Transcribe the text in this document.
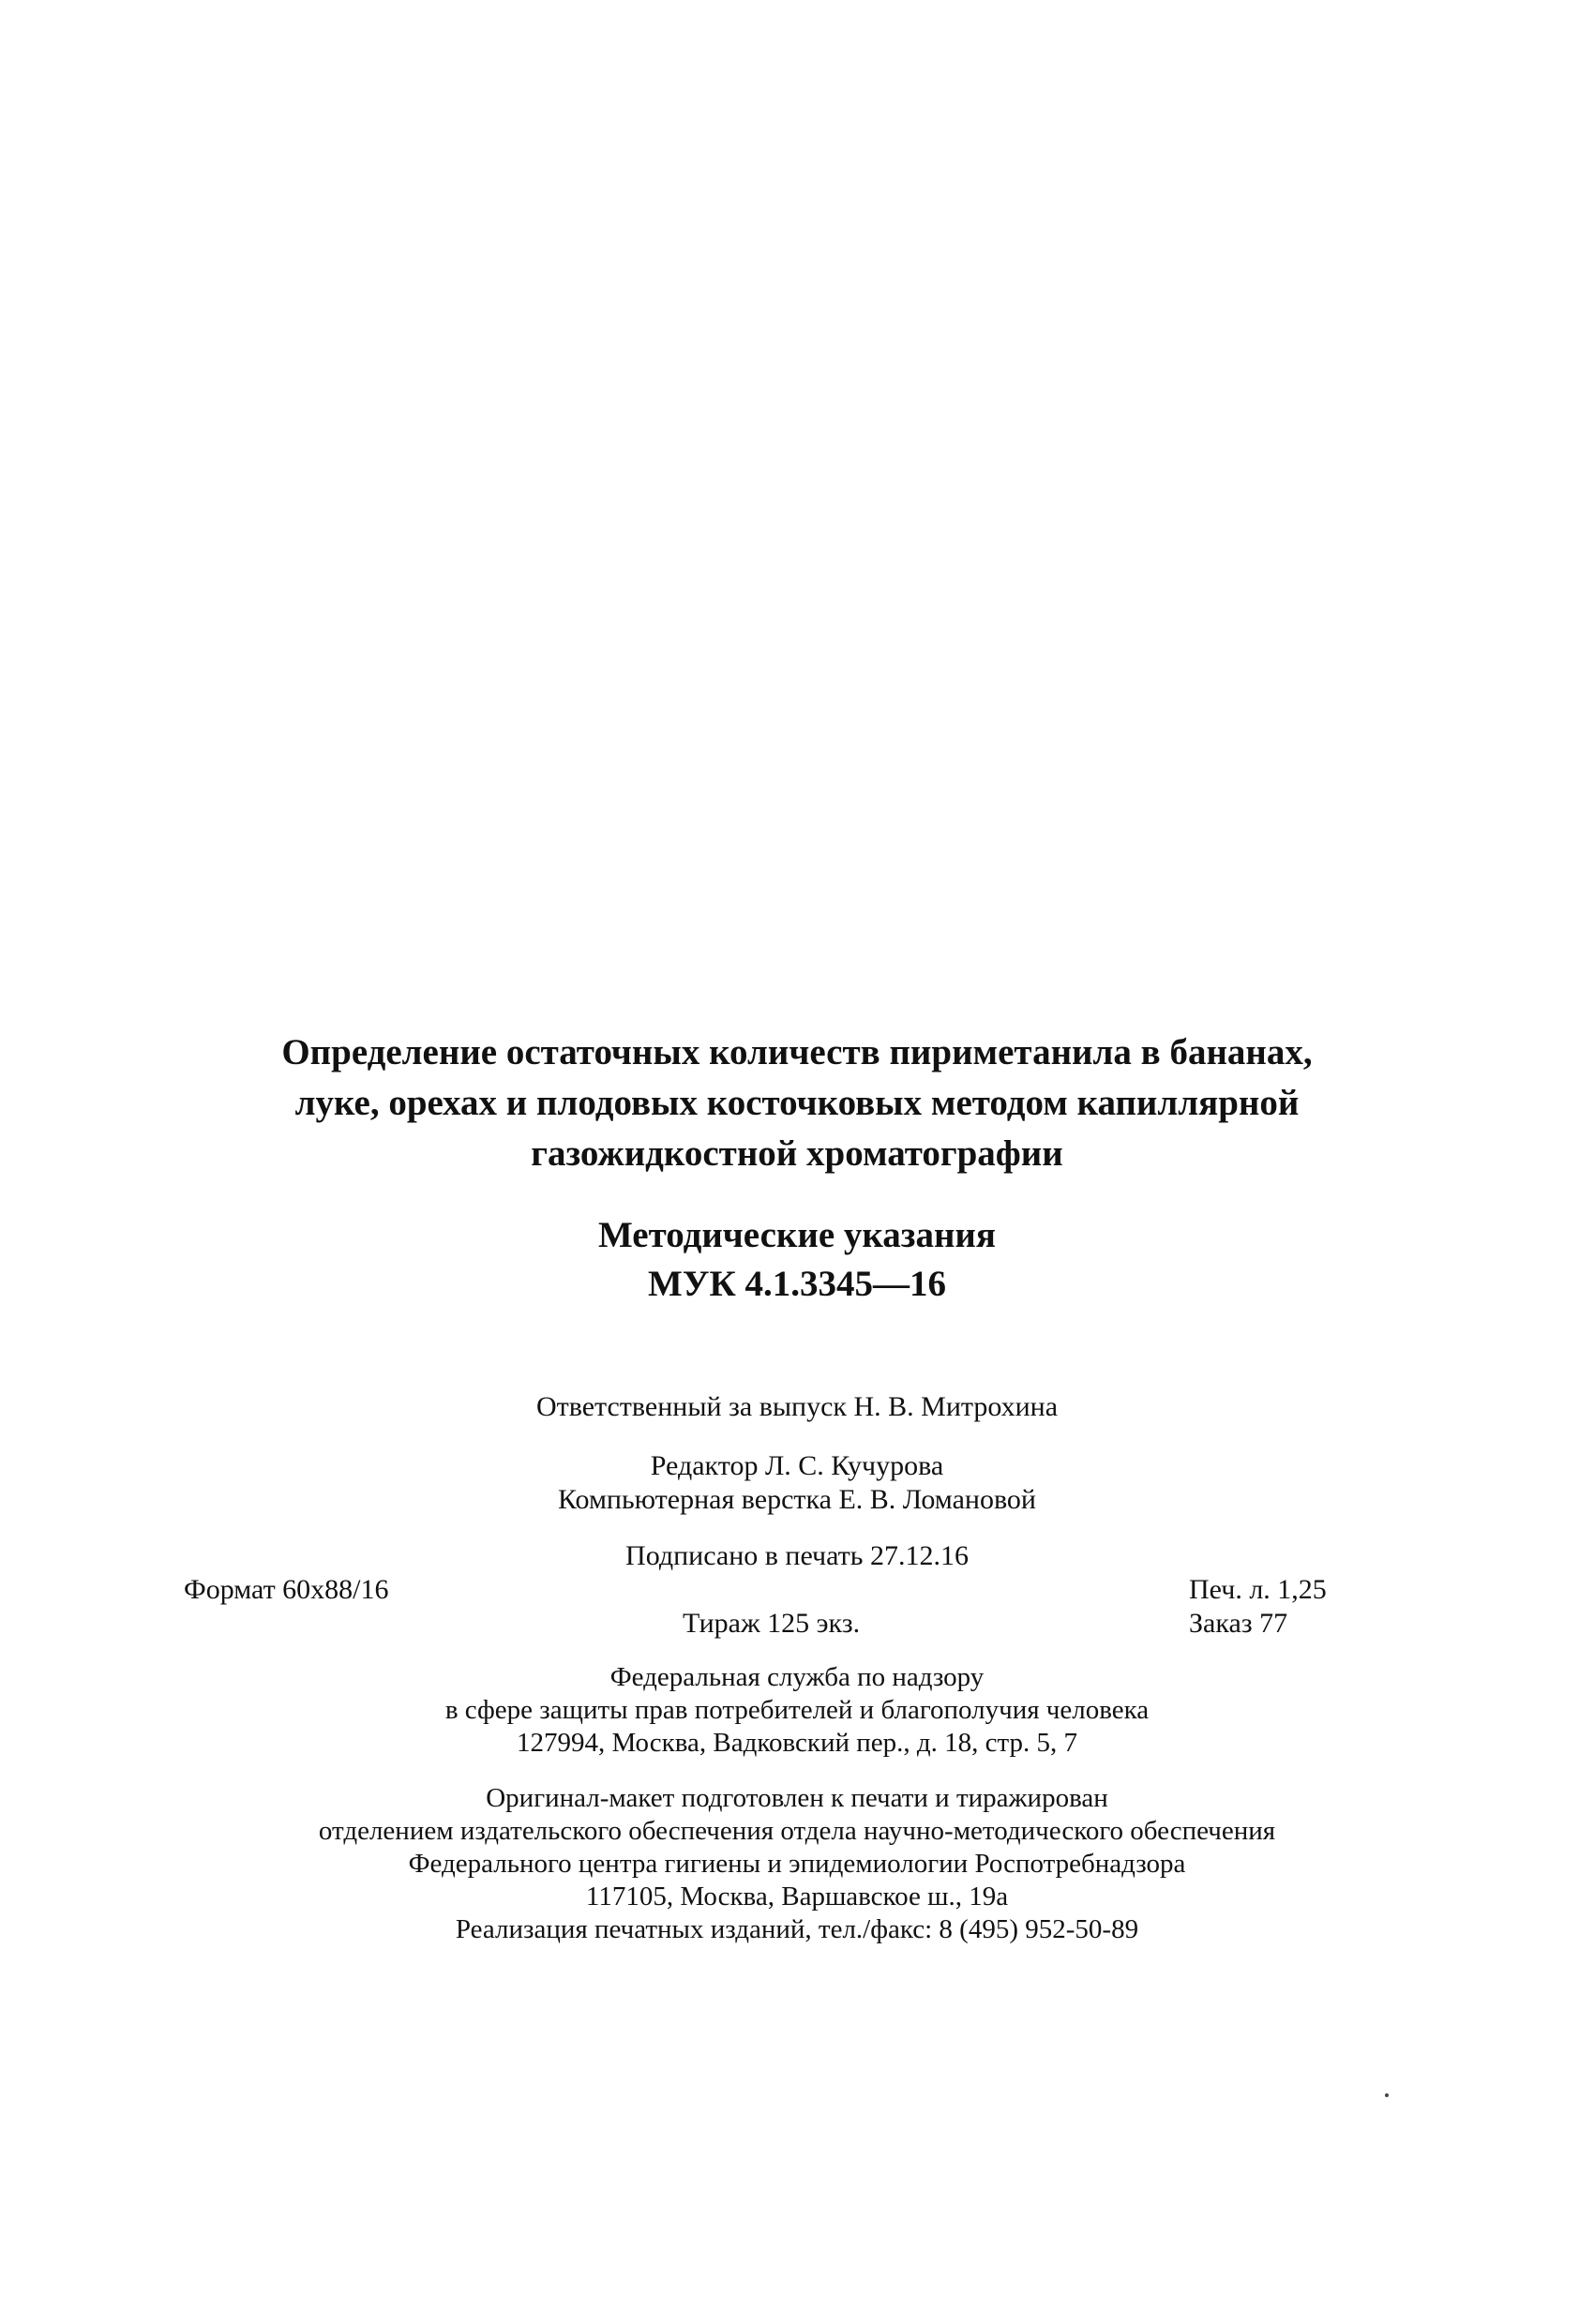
Определение остаточных количеств пириметанила в бананах,
луке, орехах и плодовых косточковых методом капиллярной
газожидкостной хроматографии
Методические указания
МУК 4.1.3345—16
Ответственный за выпуск Н. В. Митрохина
Редактор Л. С. Кучурова
Компьютерная верстка Е. В. Ломановой
Подписано в печать 27.12.16
Формат 60х88/16	Печ. л. 1,25
Тираж 125 экз.	Заказ 77
Федеральная служба по надзору
в сфере защиты прав потребителей и благополучия человека
127994, Москва, Вадковский пер., д. 18, стр. 5, 7
Оригинал-макет подготовлен к печати и тиражирован
отделением издательского обеспечения отдела научно-методического обеспечения
Федерального центра гигиены и эпидемиологии Роспотребнадзора
117105, Москва, Варшавское ш., 19а
Реализация печатных изданий, тел./факс: 8 (495) 952-50-89
